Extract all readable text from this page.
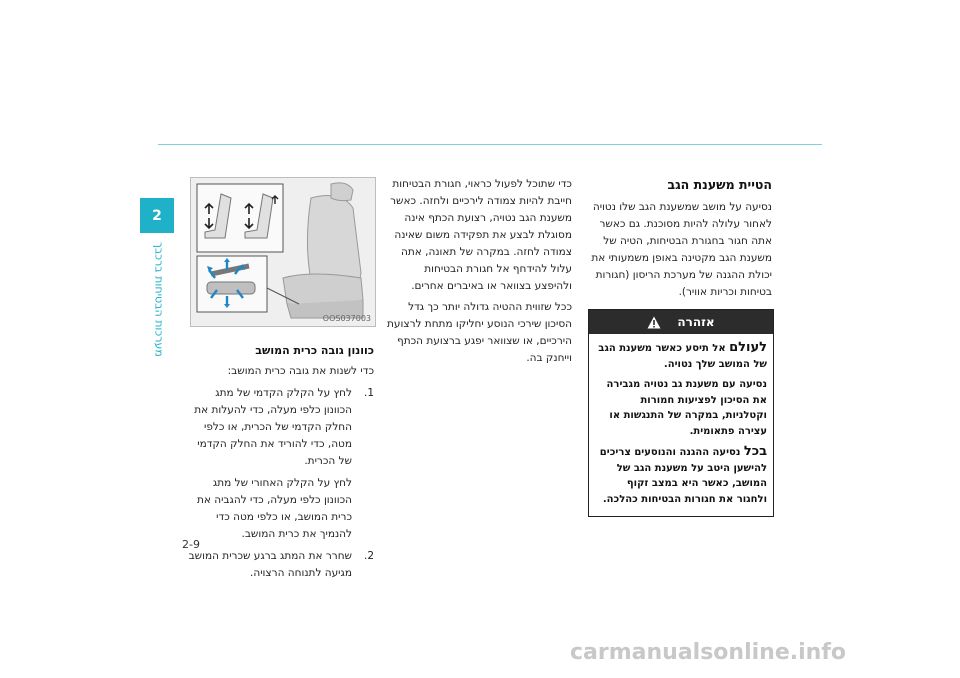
2
מערכות הבטיחות ברכבך
2-9
הטיית משענת הגב

נסיעה על מושב שמשענת הגב שלו נטויה לאחור עלולה להיות מסוכנת. גם כאשר אתה חגור בחגורת הבטיחות, הטיה של משענת הגב מקטינה באופן משמעותי את יכולת ההגנה של מערכת הריסון (חגורות בטיחות וכריות אוויר).

אזהרה

לעולם אל תיסע כאשר משענת הגב של המושב שלך נטויה.

נסיעה עם משענת גב נטויה מגבירה את הסיכון לפציעות חמורות וקטלניות, במקרה של התנגשות או עצירה פתאומית.

בכל נסיעה ההגנה והנוסעים צריכים להישען היטב על משענת הגב של המושב, כאשר היא במצב זקוף ולחגור את חגורות הבטיחות כהלכה.

כדי שתוכל לפעול כראוי, חגורת הבטיחות חייבת להיות צמודה לירכיים ולחזה. כאשר משענת הגב נטויה, רצועת הכתף אינה מסוגלת לבצע את תפקידה משום שאינה צמודה לחזה. במקרה של תאונה, אתה עלול להידחף אל חגורת הבטיחות ולהיפצע בצוואר או באיברים אחרים.

ככל שזווית ההטיה גדולה יותר כך גדל הסיכון שירכי הנוסע יחליקו מתחת לרצועת הירכיים, או שצוואר יפגע ברצועת הכתף וייחנק בה.

OOS037003
כוונון גובה כרית המושב

כדי לשנות את גובה כרית המושב:

1.
לחץ על הקלק הקדמי של מתג הכוונון כלפי מעלה, כדי להעלות את החלק הקדמי של הכרית, או כלפי מטה, כדי להוריד את החלק הקדמי של הכרית.
לחץ על הקלק האחורי של מתג הכוונון כלפי מעלה, כדי להגביה את כרית המושב, או כלפי מטה כדי להנמיך את כרית המושב.
2.
שחרר את המתג ברגע שכרית המושב מגיעה לתנוחה הרצויה.
carmanualsonline.info
